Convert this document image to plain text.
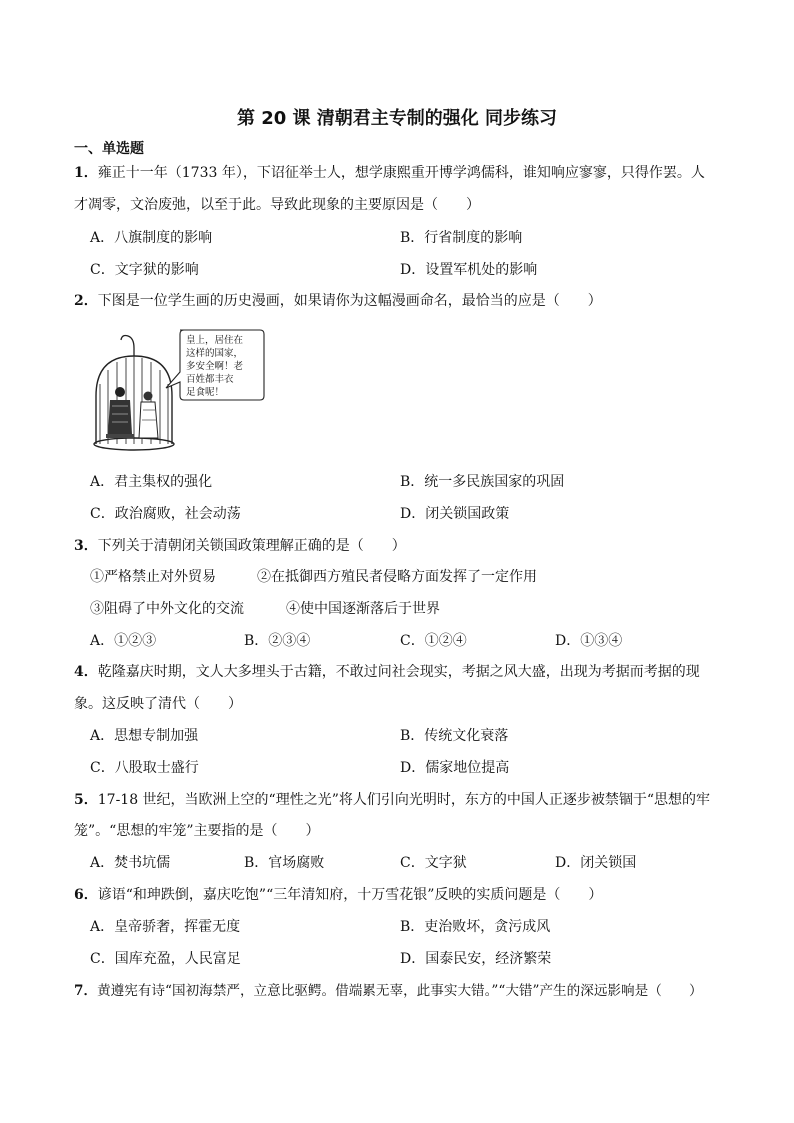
第 20 课 清朝君主专制的强化 同步练习
一、单选题
1．雍正十一年（1733 年），下诏征举士人，想学康熙重开博学鸿儒科，谁知响应寥寥，只得作罢。人
才凋零，文治废弛，以至于此。导致此现象的主要原因是（　　）
A．八旗制度的影响	B．行省制度的影响
C．文字狱的影响	D．设置军机处的影响
2．下图是一位学生画的历史漫画，如果请你为这幅漫画命名，最恰当的应是（　　）
皇上，居住在
这样的国家，
多安全啊！老
百姓都丰衣
足食呢！
A．君主集权的强化	B．统一多民族国家的巩固
C．政治腐败，社会动荡	D．闭关锁国政策
3．下列关于清朝闭关锁国政策理解正确的是（　　）
①严格禁止对外贸易	②在抵御西方殖民者侵略方面发挥了一定作用
③阻碍了中外文化的交流	④使中国逐渐落后于世界
A．①②③	B．②③④	C．①②④	D．①③④
4．乾隆嘉庆时期，文人大多埋头于古籍，不敢过问社会现实，考据之风大盛，出现为考据而考据的现
象。这反映了清代（　　）
A．思想专制加强	B．传统文化衰落
C．八股取士盛行	D．儒家地位提高
5．17-18 世纪，当欧洲上空的“理性之光”将人们引向光明时，东方的中国人正逐步被禁锢于“思想的牢
笼”。“思想的牢笼”主要指的是（　　）
A．焚书坑儒	B．官场腐败	C．文字狱	D．闭关锁国
6．谚语“和珅跌倒，嘉庆吃饱”“三年清知府，十万雪花银”反映的实质问题是（　　）
A．皇帝骄奢，挥霍无度	B．吏治败坏，贪污成风
C．国库充盈，人民富足	D．国泰民安，经济繁荣
7．黄遵宪有诗“国初海禁严，立意比驱鳄。借端累无辜，此事实大错。”“大错”产生的深远影响是（　　）
